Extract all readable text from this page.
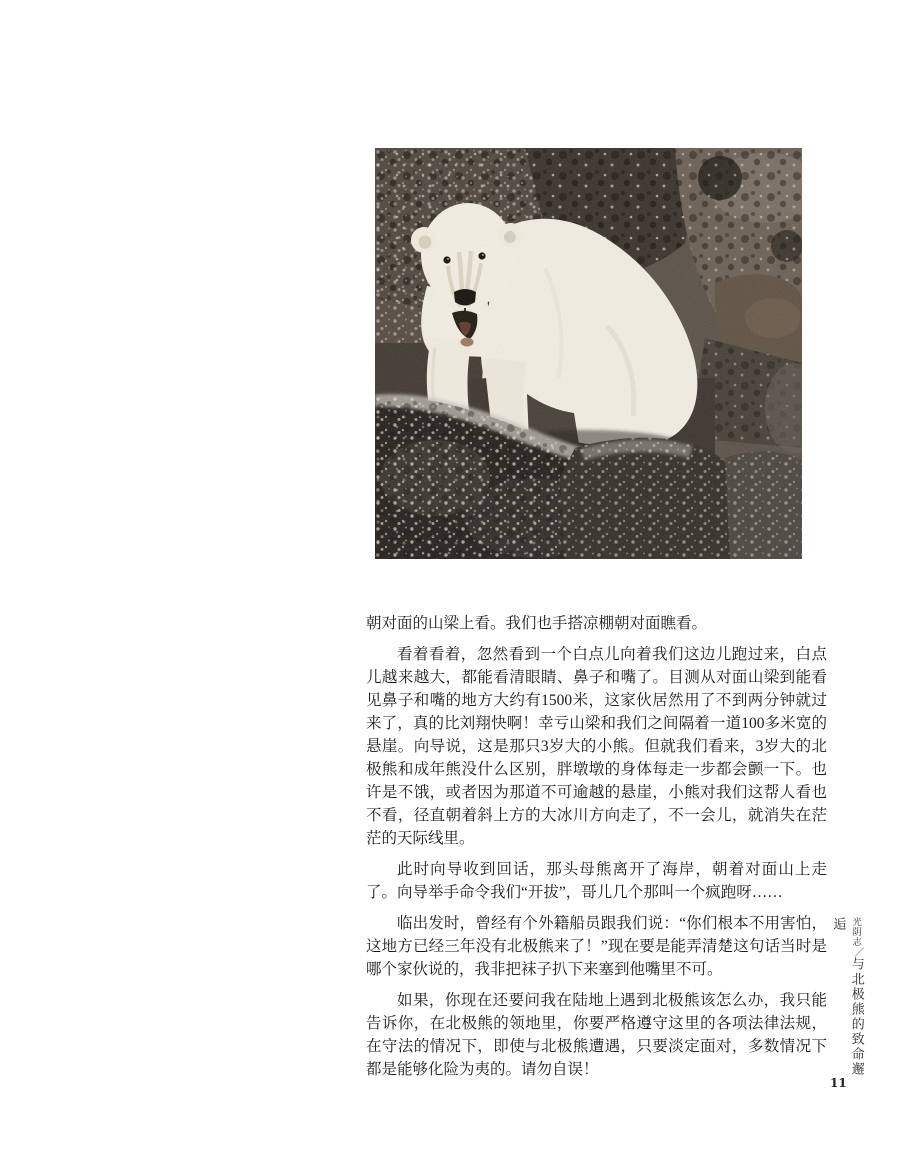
朝对面的山梁上看。我们也手搭凉棚朝对面瞧看。

看着看着，忽然看到一个白点儿向着我们这边儿跑过来，白点儿越来越大，都能看清眼睛、鼻子和嘴了。目测从对面山梁到能看见鼻子和嘴的地方大约有1500米，这家伙居然用了不到两分钟就过来了，真的比刘翔快啊！幸亏山梁和我们之间隔着一道100多米宽的悬崖。向导说，这是那只3岁大的小熊。但就我们看来，3岁大的北极熊和成年熊没什么区别，胖墩墩的身体每走一步都会颤一下。也许是不饿，或者因为那道不可逾越的悬崖，小熊对我们这帮人看也不看，径直朝着斜上方的大冰川方向走了，不一会儿，就消失在茫茫的天际线里。

此时向导收到回话，那头母熊离开了海岸，朝着对面山上走了。向导举手命令我们“开拔”，哥儿几个那叫一个疯跑呀……

临出发时，曾经有个外籍船员跟我们说：“你们根本不用害怕，这地方已经三年没有北极熊来了！”现在要是能弄清楚这句话当时是哪个家伙说的，我非把袜子扒下来塞到他嘴里不可。

如果，你现在还要问我在陆地上遇到北极熊该怎么办，我只能告诉你，在北极熊的领地里，你要严格遵守这里的各项法律法规，在守法的情况下，即使与北极熊遭遇，只要淡定面对，多数情况下都是能够化险为夷的。请勿自误！

光阴志／与北极熊的致命邂逅
11
